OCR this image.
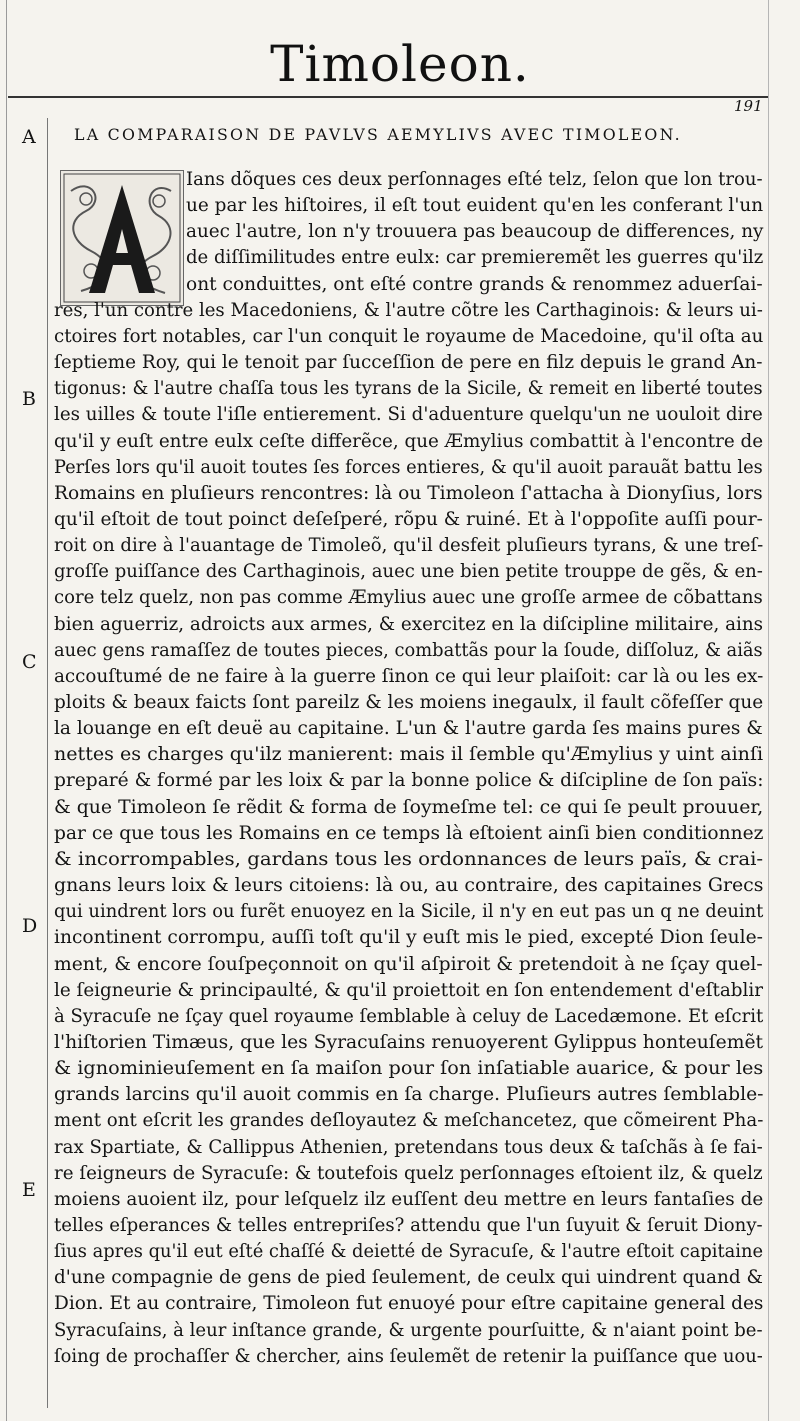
Timoleon.
191
LA COMPARAISON DE PAVLVS AEMYLIVS AVEC TIMOLEON.
A
B
C
D
E
Ians dõques ces deux perſonnages eſté telz, ſelon que lon trou-
ue par les hiſtoires, il eſt tout euident qu'en les conferant l'un
auec l'autre, lon n'y trouuera pas beaucoup de differences, ny
de diſſimilitudes entre eulx: car premieremẽt les guerres qu'ilz
ont conduittes, ont eſté contre grands & renommez aduerſai-
res, l'un contre les Macedoniens, & l'autre cõtre les Carthaginois: & leurs ui-
ctoires fort notables, car l'un conquit le royaume de Macedoine, qu'il oſta au
ſeptieme Roy, qui le tenoit par ſucceſſion de pere en filz depuis le grand An-
tigonus: & l'autre chaſſa tous les tyrans de la Sicile, & remeit en liberté toutes
les uilles & toute l'iſle entierement. Si d'aduenture quelqu'un ne uouloit dire
qu'il y euſt entre eulx ceſte differẽce, que Æmylius combattit à l'encontre de
Perſes lors qu'il auoit toutes ſes forces entieres, & qu'il auoit parauãt battu les
Romains en pluſieurs rencontres: là ou Timoleon ſ'attacha à Dionyſius, lors
qu'il eſtoit de tout poinct deſeſperé, rõpu & ruiné. Et à l'oppoſite auſſi pour-
roit on dire à l'auantage de Timoleõ, qu'il desfeit pluſieurs tyrans, & une treſ-
groſſe puiſſance des Carthaginois, auec une bien petite trouppe de gẽs, & en-
core telz quelz, non pas comme Æmylius auec une groſſe armee de cõbattans
bien aguerriz, adroicts aux armes, & exercitez en la diſcipline militaire, ains
auec gens ramaſſez de toutes pieces, combattãs pour la ſoude, diſſoluz, & aiãs
accouſtumé de ne faire à la guerre ſinon ce qui leur plaiſoit: car là ou les ex-
ploits & beaux faicts ſont pareilz & les moiens inegaulx, il fault cõfeſſer que
la louange en eſt deuë au capitaine. L'un & l'autre garda ſes mains pures &
nettes es charges qu'ilz manierent: mais il ſemble qu'Æmylius y uint ainſi
preparé & formé par les loix & par la bonne police & diſcipline de ſon païs:
& que Timoleon ſe rẽdit & forma de ſoymeſme tel: ce qui ſe peult prouuer,
par ce que tous les Romains en ce temps là eſtoient ainſi bien conditionnez
& incorrompables, gardans tous les ordonnances de leurs païs, & crai-
gnans leurs loix & leurs citoiens: là ou, au contraire, des capitaines Grecs
qui uindrent lors ou furẽt enuoyez en la Sicile, il n'y en eut pas un q ne deuint
incontinent corrompu, auſſi toſt qu'il y euſt mis le pied, excepté Dion ſeule-
ment, & encore ſouſpeçonnoit on qu'il aſpiroit & pretendoit à ne ſçay quel-
le ſeigneurie & principaulté, & qu'il proiettoit en ſon entendement d'eſtablir
à Syracuſe ne ſçay quel royaume ſemblable à celuy de Lacedæmone. Et eſcrit
l'hiſtorien Timæus, que les Syracuſains renuoyerent Gylippus honteuſemẽt
& ignominieuſement en ſa maiſon pour ſon inſatiable auarice, & pour les
grands larcins qu'il auoit commis en ſa charge. Pluſieurs autres ſemblable-
ment ont eſcrit les grandes deſloyautez & meſchancetez, que cõmeirent Pha-
rax Spartiate, & Callippus Athenien, pretendans tous deux & taſchãs à ſe fai-
re ſeigneurs de Syracuſe: & toutefois quelz perſonnages eſtoient ilz, & quelz
moiens auoient ilz, pour leſquelz ilz euſſent deu mettre en leurs fantaſies de
telles eſperances & telles entrepriſes? attendu que l'un ſuyuit & ſeruit Diony-
ſius apres qu'il eut eſté chaſſé & deietté de Syracuſe, & l'autre eſtoit capitaine
d'une compagnie de gens de pied ſeulement, de ceulx qui uindrent quand &
Dion. Et au contraire, Timoleon fut enuoyé pour eſtre capitaine general des
Syracuſains, à leur inſtance grande, & urgente pourſuitte, & n'aiant point be-
ſoing de prochaſſer & chercher, ains ſeulemẽt de retenir la puiſſance que uou-
